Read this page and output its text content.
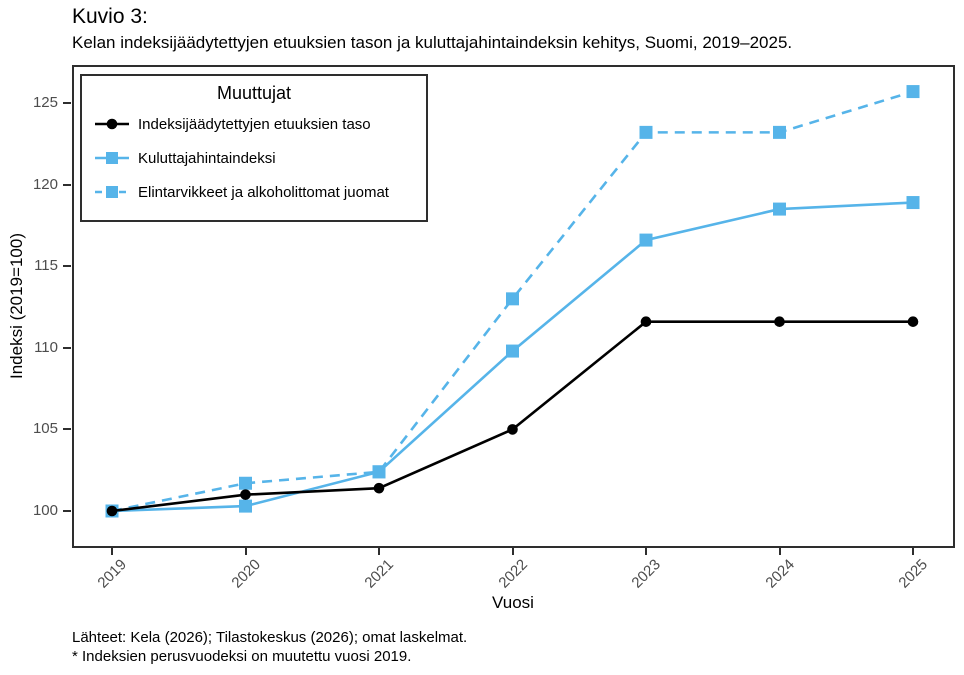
Kuvio 3:
Kelan indeksijäädytettyjen etuuksien tason ja kuluttajahintaindeksin kehitys, Suomi, 2019–2025.
Muuttujat
Indeksijäädytettyjen etuuksien taso
Kuluttajahintaindeksi
Elintarvikkeet ja alkoholittomat juomat
2019	2020	2021	2022	2023	2024	2025
100
105
110
115
120
125
Vuosi
Indeksi (2019=100)
Lähteet: Kela (2026); Tilastokeskus (2026); omat laskelmat.
* Indeksien perusvuodeksi on muutettu vuosi 2019.
